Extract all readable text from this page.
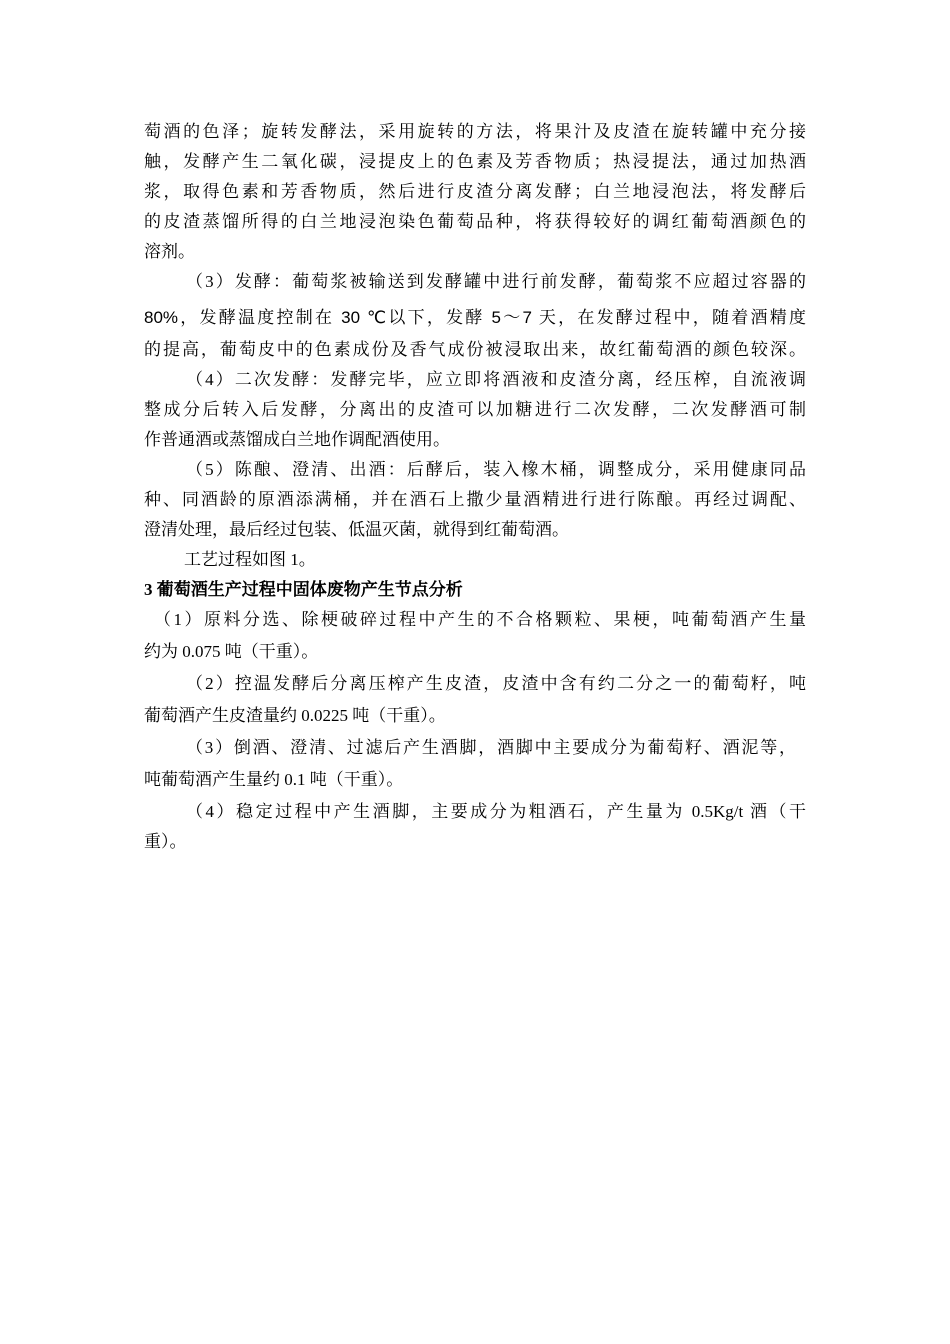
萄酒的色泽；旋转发酵法，采用旋转的方法，将果汁及皮渣在旋转罐中充分接
触，发酵产生二氧化碳，浸提皮上的色素及芳香物质；热浸提法，通过加热酒
浆，取得色素和芳香物质，然后进行皮渣分离发酵；白兰地浸泡法，将发酵后
的皮渣蒸馏所得的白兰地浸泡染色葡萄品种，将获得较好的调红葡萄酒颜色的
溶剂。
（3）发酵：葡萄浆被输送到发酵罐中进行前发酵，葡萄浆不应超过容器的
80%，发酵温度控制在 30 ℃以下，发酵 5～7 天，在发酵过程中，随着酒精度
的提高，葡萄皮中的色素成份及香气成份被浸取出来，故红葡萄酒的颜色较深。
（4）二次发酵：发酵完毕，应立即将酒液和皮渣分离，经压榨，自流液调
整成分后转入后发酵，分离出的皮渣可以加糖进行二次发酵，二次发酵酒可制
作普通酒或蒸馏成白兰地作调配酒使用。
（5）陈酿、澄清、出酒：后酵后，装入橡木桶，调整成分，采用健康同品
种、同酒龄的原酒添满桶，并在酒石上撒少量酒精进行进行陈酿。再经过调配、
澄清处理，最后经过包装、低温灭菌，就得到红葡萄酒。
工艺过程如图 1。
3 葡萄酒生产过程中固体废物产生节点分析
（1）原料分选、除梗破碎过程中产生的不合格颗粒、果梗，吨葡萄酒产生量
约为 0.075 吨（干重）。
（2）控温发酵后分离压榨产生皮渣，皮渣中含有约二分之一的葡萄籽，吨
葡萄酒产生皮渣量约 0.0225 吨（干重）。
（3）倒酒、澄清、过滤后产生酒脚，酒脚中主要成分为葡萄籽、酒泥等，
吨葡萄酒产生量约 0.1 吨（干重）。
（4）稳定过程中产生酒脚，主要成分为粗酒石，产生量为 0.5Kg/t 酒（干
重）。
